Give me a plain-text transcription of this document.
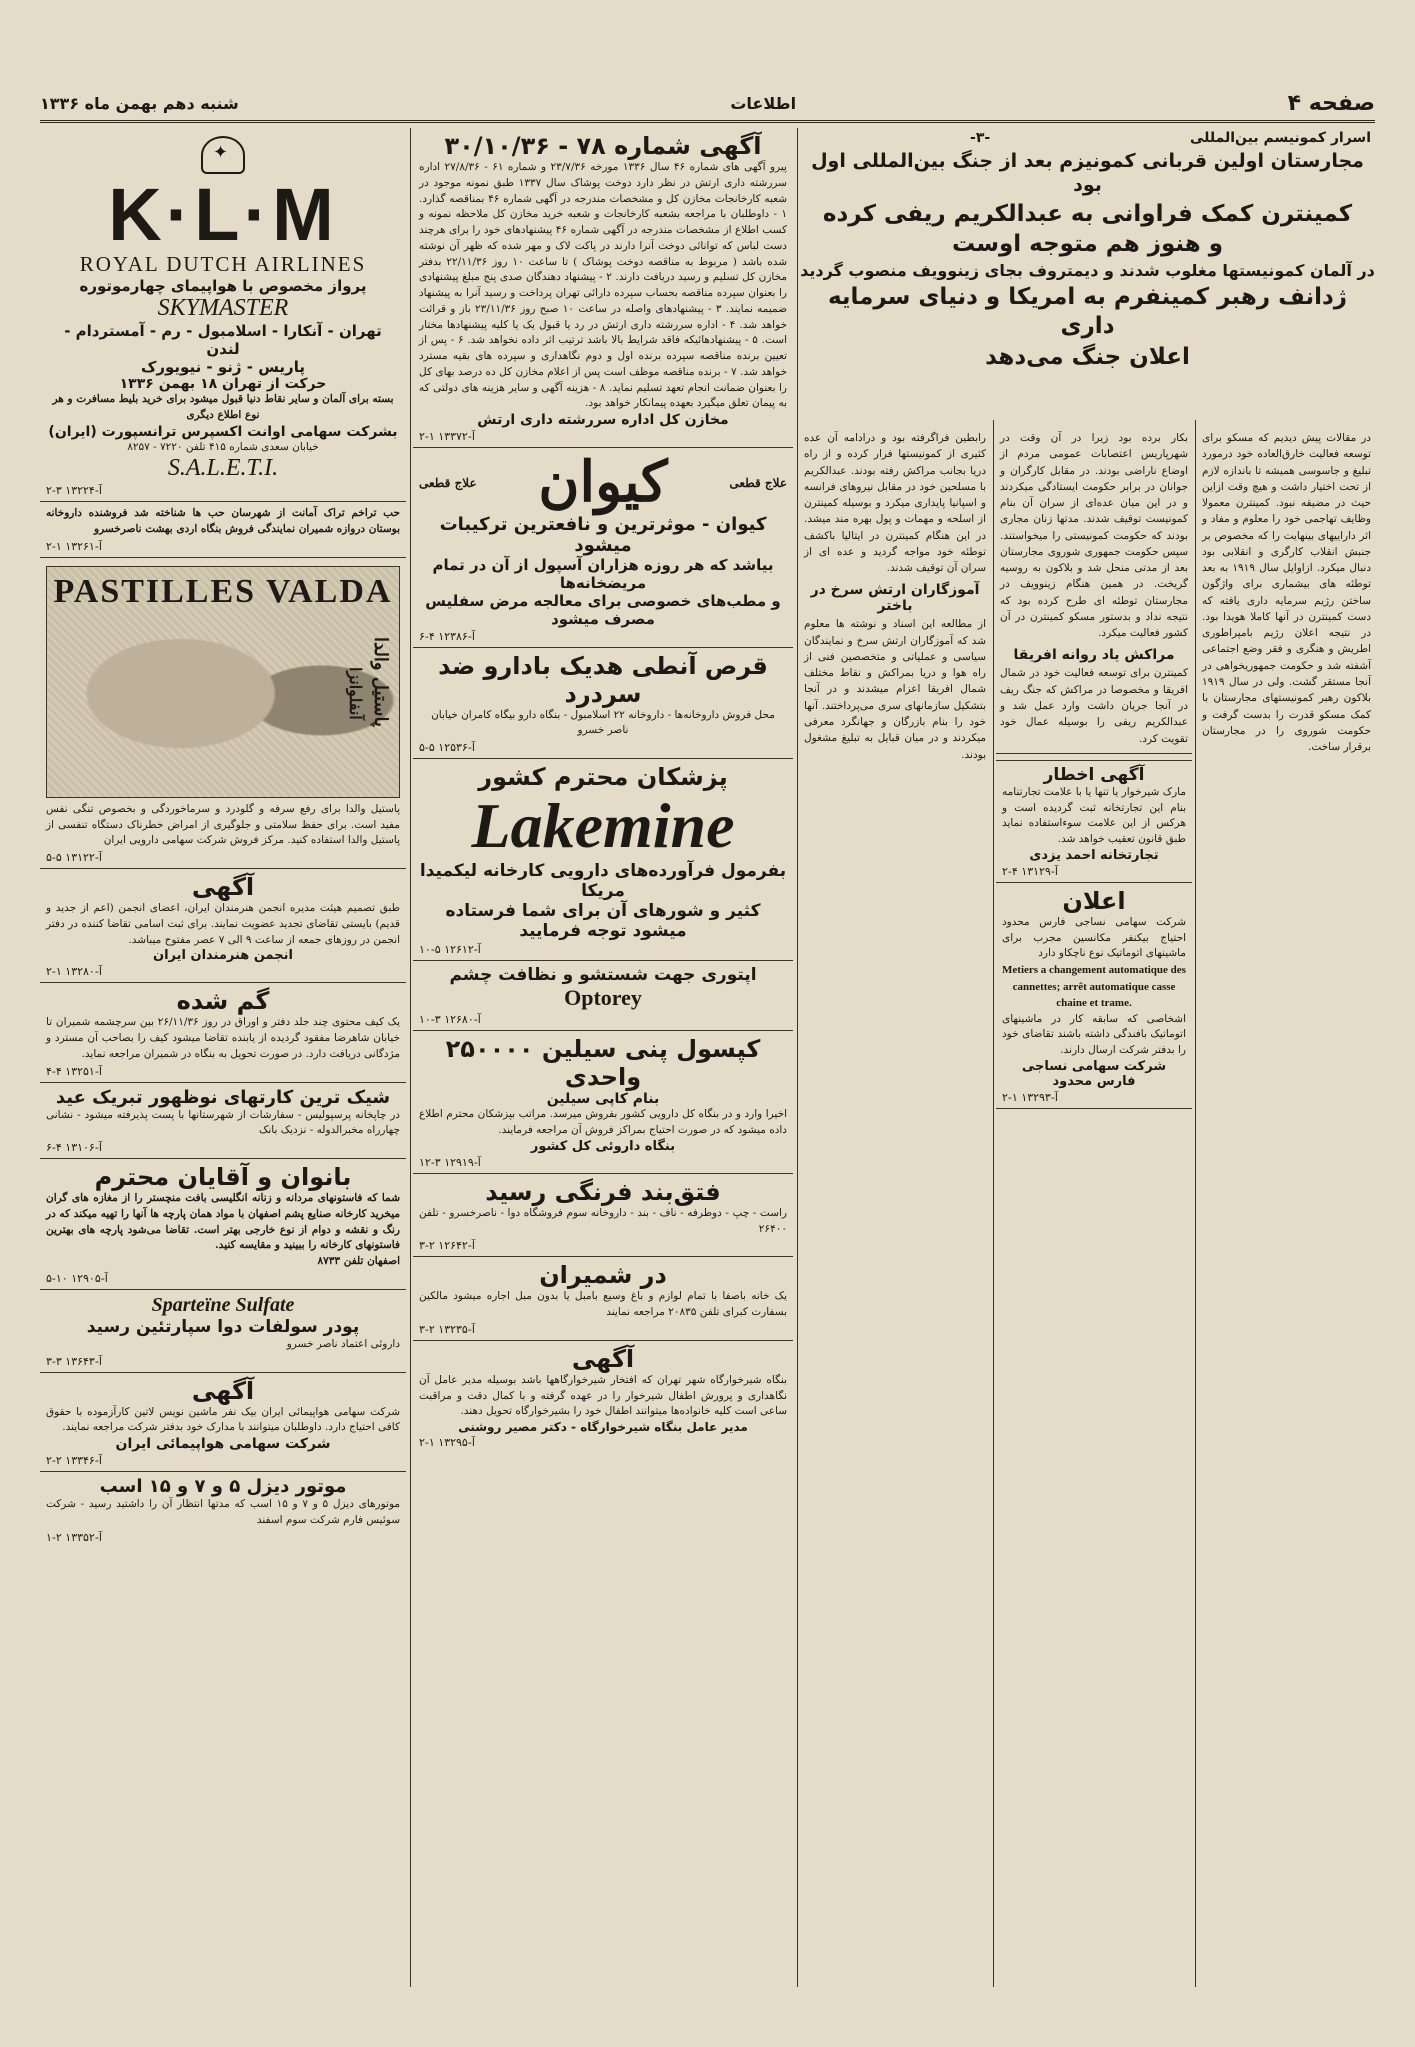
صفحه ۴
اطلاعات
شنبه دهم بهمن ماه ۱۳۳۶
اسرار کمونیسم بین‌المللی
-۳-
مجارستان اولین قربانی کمونیزم بعد از جنگ بین‌المللی اول بود
کمینترن کمک فراوانی به عبدالکریم ریفی کرده
و هنوز هم متوجه اوست
در آلمان کمونیستها مغلوب شدند و دیمتروف بجای زینوویف منصوب گردید
ژدانف رهبر کمینفرم به امریکا و دنیای سرمایه داری
اعلان جنگ می‌دهد
در مقالات پیش دیدیم که مسکو برای توسعه فعالیت خارق‌العاده‌ خود درمورد تبلیغ‌ و جاسوسی همیشه تا باندازه لازم از تحت اختیار داشت و هیچ وقت ازاین حیث در مضیقه نبود. کمینترن معمولا وظایف تهاجمی خود را معلوم و مفاد و اثر داراییهای بینهایت را که مخصوص بر جنبش انقلاب کارگری و انقلابی بود دنبال میکرد. ازاوایل سال ۱۹۱۹ به بعد توطئه های بیشماری برای واژگون ساختن رژیم سرمایه داری یافته که دست کمینترن در آنها کاملا هویدا بود. در نتیجه اعلان رژیم بامپراطوری اطریش و هنگری و فقر وضع اجتماعی آشفته شد و حکومت جمهوریخواهی در آنجا مستقر گشت. ولی در سال ۱۹۱۹ بلاکون رهبر کمونیستهای مجارستان با کمک مسکو قدرت را بدست گرفت و حکومت شوروی را در مجارستان برقرار ساخت.
بکار برده بود زیرا در آن وقت در شهرپاریس اعتصابات عمومی مردم از اوضاع ناراضی بودند. در مقابل کارگران و جوانان در برابر حکومت ایستادگی میکردند و در این میان عده‌ای از سران آن بنام کمونیست توقیف شدند. مدتها زنان مجاری بودند که حکومت کمونیستی را میخواستند. سپس حکومت جمهوری شوروی مجارستان بعد از مدتی منحل شد و بلاکون به روسیه گریخت. در همین هنگام زینوویف در مجارستان توطئه ای طرح کرده بود که نتیجه نداد و بدستور مسکو کمینترن در آن کشور فعالیت میکرد.
مراکش یاد روانه افریقا
کمینترن برای توسعه فعالیت خود در شمال افریقا و مخصوصا در مراکش که جنگ ریف در آنجا جریان داشت وارد عمل شد و عبدالکریم ریفی را بوسیله عمال خود تقویت کرد.
آگهی اخطار
مارک شیرخوار یا تنها یا با علامت تجارتنامه بنام این تجارتخانه ثبت گردیده است و هرکس از این علامت سوءاستفاده نماید طبق قانون تعقیب خواهد شد.
تجارتخانه احمد یزدی
۲-۴ آ-۱۳۱۲۹
اعلان
شرکت سهامی نساجی فارس محدود احتیاج بیکنفر مکانسین مجرب برای ماشینهای اتوماتیک نوع ناچکاو دارد
Metiers a changement automatique des cannettes; arrêt automatique casse chaine et trame.
اشخاصی که سابقه کار در ماشینهای اتوماتیک بافندگی داشته باشند تقاضای خود را بدفتر شرکت ارسال دارند.
شرکت سهامی نساجی فارس محدود
۲-۱ آ-۱۳۲۹۳
رابطین فراگرفته بود و درادامه آن عده کثیری از کمونیستها فرار کرده و از راه دریا بجانب مراکش رفته بودند. عبدالکریم با مسلحین خود در مقابل نیروهای فرانسه و اسپانیا پایداری میکرد و بوسیله کمینترن از اسلحه و مهمات و پول بهره مند میشد. در این هنگام کمینترن در ایتالیا باکشف توطئه خود مواجه گردید و عده ای از سران آن توقیف شدند.
آموزگاران ارتش سرخ در باختر
از مطالعه این اسناد و نوشته ها معلوم شد که آموزگاران ارتش سرخ و نمایندگان سیاسی و عملیاتی و متخصصین فنی از راه هوا و دریا بمراکش و نقاط مختلف شمال افریقا اعزام میشدند و در آنجا بتشکیل سازمانهای سری می‌پرداختند. آنها خود را بنام بازرگان و جهانگرد معرفی میکردند و در میان قبایل به تبلیغ مشغول بودند.
آگهی شماره ۷۸ - ۳۰/۱۰/۳۶
پیرو آگهی های شماره ۴۶ سال ۱۳۳۶ مورخه ۲۳/۷/۳۶ و شماره ۶۱ - ۲۷/۸/۳۶ اداره سررشته داری ارتش در نظر دارد دوخت پوشاک سال ۱۳۳۷ طبق نمونه موجود در شعبه کارخانجات مخازن کل و مشخصات مندرجه در آگهی شماره ۴۶ بمناقصه گذارد. ۱ - داوطلبان با مراجعه بشعبه کارخانجات و شعبه خرید مخازن کل ملاحظه نمونه و کسب اطلاع از مشخصات مندرجه در آگهی شماره ۴۶ پیشنهادهای خود را برای هرچند دست لباس که توانائی دوخت آنرا دارند در پاکت لاک و مهر شده که ظهر آن نوشته شده باشد ( مربوط به مناقصه دوخت پوشاک ) تا ساعت ۱۰ روز ۲۲/۱۱/۳۶ بدفتر مخازن کل تسلیم و رسید دریافت دارند. ۲ - پیشنهاد دهندگان صدی پنج مبلغ پیشنهادی را بعنوان سپرده مناقصه بحساب سپرده دارائی تهران پرداخت و رسید آنرا به پیشنهاد ضمیمه نمایند. ۳ - پیشنهادهای واصله در ساعت ۱۰ صبح روز ۲۳/۱۱/۳۶ باز و قرائت خواهد شد. ۴ - اداره سررشته داری ارتش در رد یا قبول یک یا کلیه پیشنهادها مختار است. ۵ - پیشنهادهائیکه فاقد شرایط بالا باشد ترتیب اثر داده نخواهد شد. ۶ - پس از تعیین برنده مناقصه سپرده برنده اول و دوم نگاهداری و سپرده های بقیه مسترد خواهد شد. ۷ - برنده مناقصه موظف است پس از اعلام مخازن کل ده درصد بهای کل را بعنوان ضمانت انجام تعهد تسلیم نماید. ۸ - هزینه آگهی و سایر هزینه های دولتی که به پیمان تعلق میگیرد بعهده پیمانکار خواهد بود.
مخازن کل اداره سررشته داری ارتش
۲-۱ آ-۱۳۳۷۲
علاج قطعی
کیوان
علاج قطعی
کیوان - موثرترین و نافعترین ترکیبات میشود
بیاشد که هر روزه هزاران آسپول از آن در تمام مریضخانه‌ها
و مطب‌های خصوصی برای معالجه مرض سفلیس مصرف میشود
۶-۴ آ-۱۲۳۸۶
قرص آنطی هدیک بادارو ضد سردرد
محل فروش داروخانه‌ها - داروخانه ۲۲ اسلامبول - بنگاه دارو بیگاه کامران خیابان ناصر خسرو
۵-۵ آ-۱۲۵۳۶
پزشکان محترم کشور
Lakemine
بفرمول فرآورده‌های دارویی کارخانه لیکمیدا مریکا
کثیر و شور‌های آن برای شما فرستاده میشود توجه فرمایید
۱۰-۵ آ-۱۲۶۱۲
اپتوری جهت شستشو و نظافت چشم
Optorey
۱۰-۳ آ-۱۲۶۸۰
کپسول پنی سیلین ۲۵۰۰۰۰ واحدی
بنام کاپی سیلین
اخیرا وارد و در بنگاه کل دارویی کشور بفروش میرسد. مراتب بپزشکان محترم اطلاع داده میشود که در صورت احتیاج بمراکز فروش آن مراجعه فرمایند.
بنگاه داروئی کل کشور
۱۲-۳ آ-۱۲۹۱۹
فتق‌بند فرنگی رسید
راست - چپ - دوطرفه - ناف - بند - داروخانه سوم فروشگاه دوا - ناصرخسرو - تلفن ۲۶۴۰۰
۳-۲ آ-۱۲۶۴۲
در شمیران
یک خانه باصفا با تمام لوازم و باغ وسیع بامبل یا بدون مبل اجاره میشود مالکین بسفارت کبرای تلفن ۲۰۸۳۵ مراجعه نمایند
۳-۲ آ-۱۳۲۳۵
آگهی
بنگاه شیرخوارگاه شهر تهران که افتخار شیرخوارگاهها باشد بوسیله مدیر عامل آن نگاهداری و پرورش اطفال شیرخوار را در عهده گرفته و با کمال دقت و مراقبت ساعی است کلیه خانواده‌ها میتوانند اطفال خود را بشیرخوارگاه تحویل دهند.
مدیر عامل بنگاه شیرخوارگاه - دکتر مصیر روشنی
۲-۱ آ-۱۳۲۹۵
✦
K·L·M
ROYAL DUTCH AIRLINES
پرواز مخصوص با هواپیمای چهارموتوره
SKYMASTER
تهران - آنکارا - اسلامبول - رم - آمستردام - لندن
پاریس - ژنو - نیویورک
حرکت از تهران ۱۸ بهمن ۱۳۳۶
بسته برای آلمان و سایر نقاط دنیا قبول میشود برای خرید بلیط مسافرت و هر نوع اطلاع دیگری
بشرکت سهامی اوانت اکسپرس ترانسپورت (ایران)
خیابان سعدی شماره ۴۱۵ تلفن ۷۲۲۰ - ۸۲۵۷
S.A.L.E.T.I.
۲-۳ آ-۱۳۲۲۴
حب تراخم تراک آمانت از شهرسان حب ها شناخته شد فروشنده داروخانه بوستان دروازه شمیران نمایندگی فروش بنگاه اردی بهشت ناصرخسرو
۲-۱ آ-۱۳۲۶۱
PASTILLES VALDA
پاستیل والدا
آنفلوانزا
پاستیل والدا برای رفع سرفه و گلودرد و سرماخوردگی و بخصوص تنگی نفس مفید است. برای حفظ سلامتی و جلوگیری از امراض خطرناک دستگاه تنفسی از پاستیل والدا استفاده کنید. مرکز فروش شرکت سهامی دارویی ایران
۵-۵ آ-۱۳۱۲۲
آگهی
طبق تصمیم هیئت مدیره انجمن هنرمندان ایران، اعضای انجمن (اعم از جدید و قدیم) بایستی تقاضای تجدید عضویت نمایند. برای ثبت اسامی تقاضا کننده در دفتر انجمن در روزهای جمعه از ساعت ۹ الی ۷ عصر مفتوح میباشد.
انجمن هنرمندان ایران
۲-۱ آ-۱۳۲۸۰
گم شده
یک کیف محتوی چند جلد دفتر و اوراق در روز ۲۶/۱۱/۳۶ بین سرچشمه شمیران تا خیابان شاهرضا مفقود گردیده از یابنده تقاضا میشود کیف را بصاحب آن مسترد و مژدگانی دریافت دارد. در صورت تحویل به بنگاه در شمیران مراجعه نماید.
۴-۴ آ-۱۳۲۵۱
شیک ترین کارتهای نوظهور تبریک عید
در چاپخانه پرسپولیس - سفارشات از شهرستانها با پست پذیرفته میشود - نشانی چهارراه مخبرالدوله - نزدیک بانک
۶-۴ آ-۱۳۱۰۶
بانوان و آقایان محترم
شما که فاستونهای مردانه و زنانه انگلیسی بافت منچستر را از مغازه های گران میخرید کارخانه صنایع پشم اصفهان با مواد همان پارچه ها آنها را تهیه میکند که در رنگ و نقشه و دوام از نوع خارجی بهتر است. تقاضا می‌شود پارچه های بهترین فاستونهای کارخانه را ببینید و مقایسه کنید.
اصفهان تلفن ۸۷۳۳
۵-۱۰ آ-۱۲۹۰۵
Sparteïne Sulfate
پودر سولفات دوا سپارتئین رسید
داروئی اعتماد ناصر خسرو
۳-۳ آ-۱۳۶۴۳
آگهی
شرکت سهامی هواپیمائی ایران بیک نفر ماشین نویس لاتین کارآزموده با حقوق کافی احتیاج دارد. داوطلبان میتوانند با مدارک خود بدفتر شرکت مراجعه نمایند.
شرکت سهامی هواپیمائی ایران
۲-۲ آ-۱۳۳۴۶
موتور دیزل ۵ و ۷ و ۱۵ اسب
موتورهای دیزل ۵ و ۷ و ۱۵ اسب که مدتها انتظار آن را داشتید رسید - شرکت سوئیس فارم شرکت سوم اسفند
۱-۲ آ-۱۳۳۵۲
